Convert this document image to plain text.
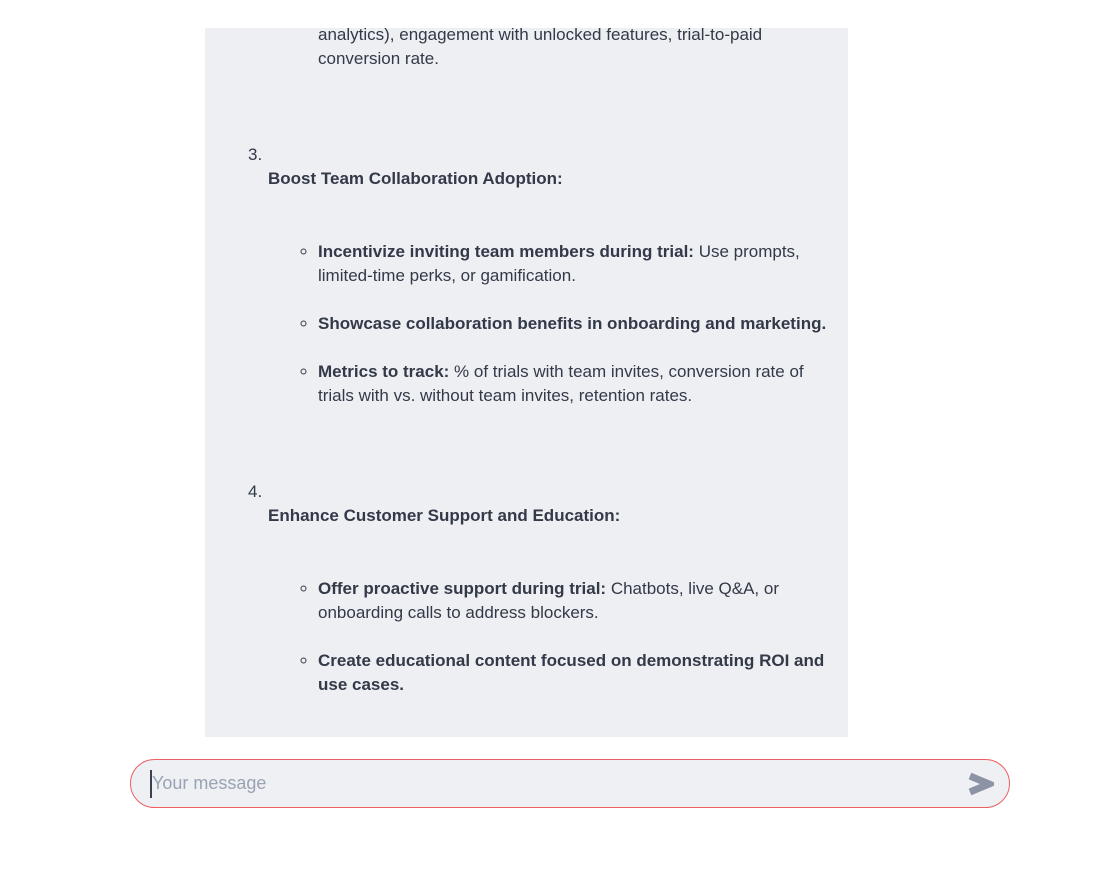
analytics), engagement with unlocked features, trial-to-paid conversion rate.
3.
Boost Team Collaboration Adoption:
◦ Incentivize inviting team members during trial: Use prompts, limited-time perks, or gamification.
◦ Showcase collaboration benefits in onboarding and marketing.
◦ Metrics to track: % of trials with team invites, conversion rate of trials with vs. without team invites, retention rates.
4.
Enhance Customer Support and Education:
◦ Offer proactive support during trial: Chatbots, live Q&A, or onboarding calls to address blockers.
◦ Create educational content focused on demonstrating ROI and use cases.
Your message
